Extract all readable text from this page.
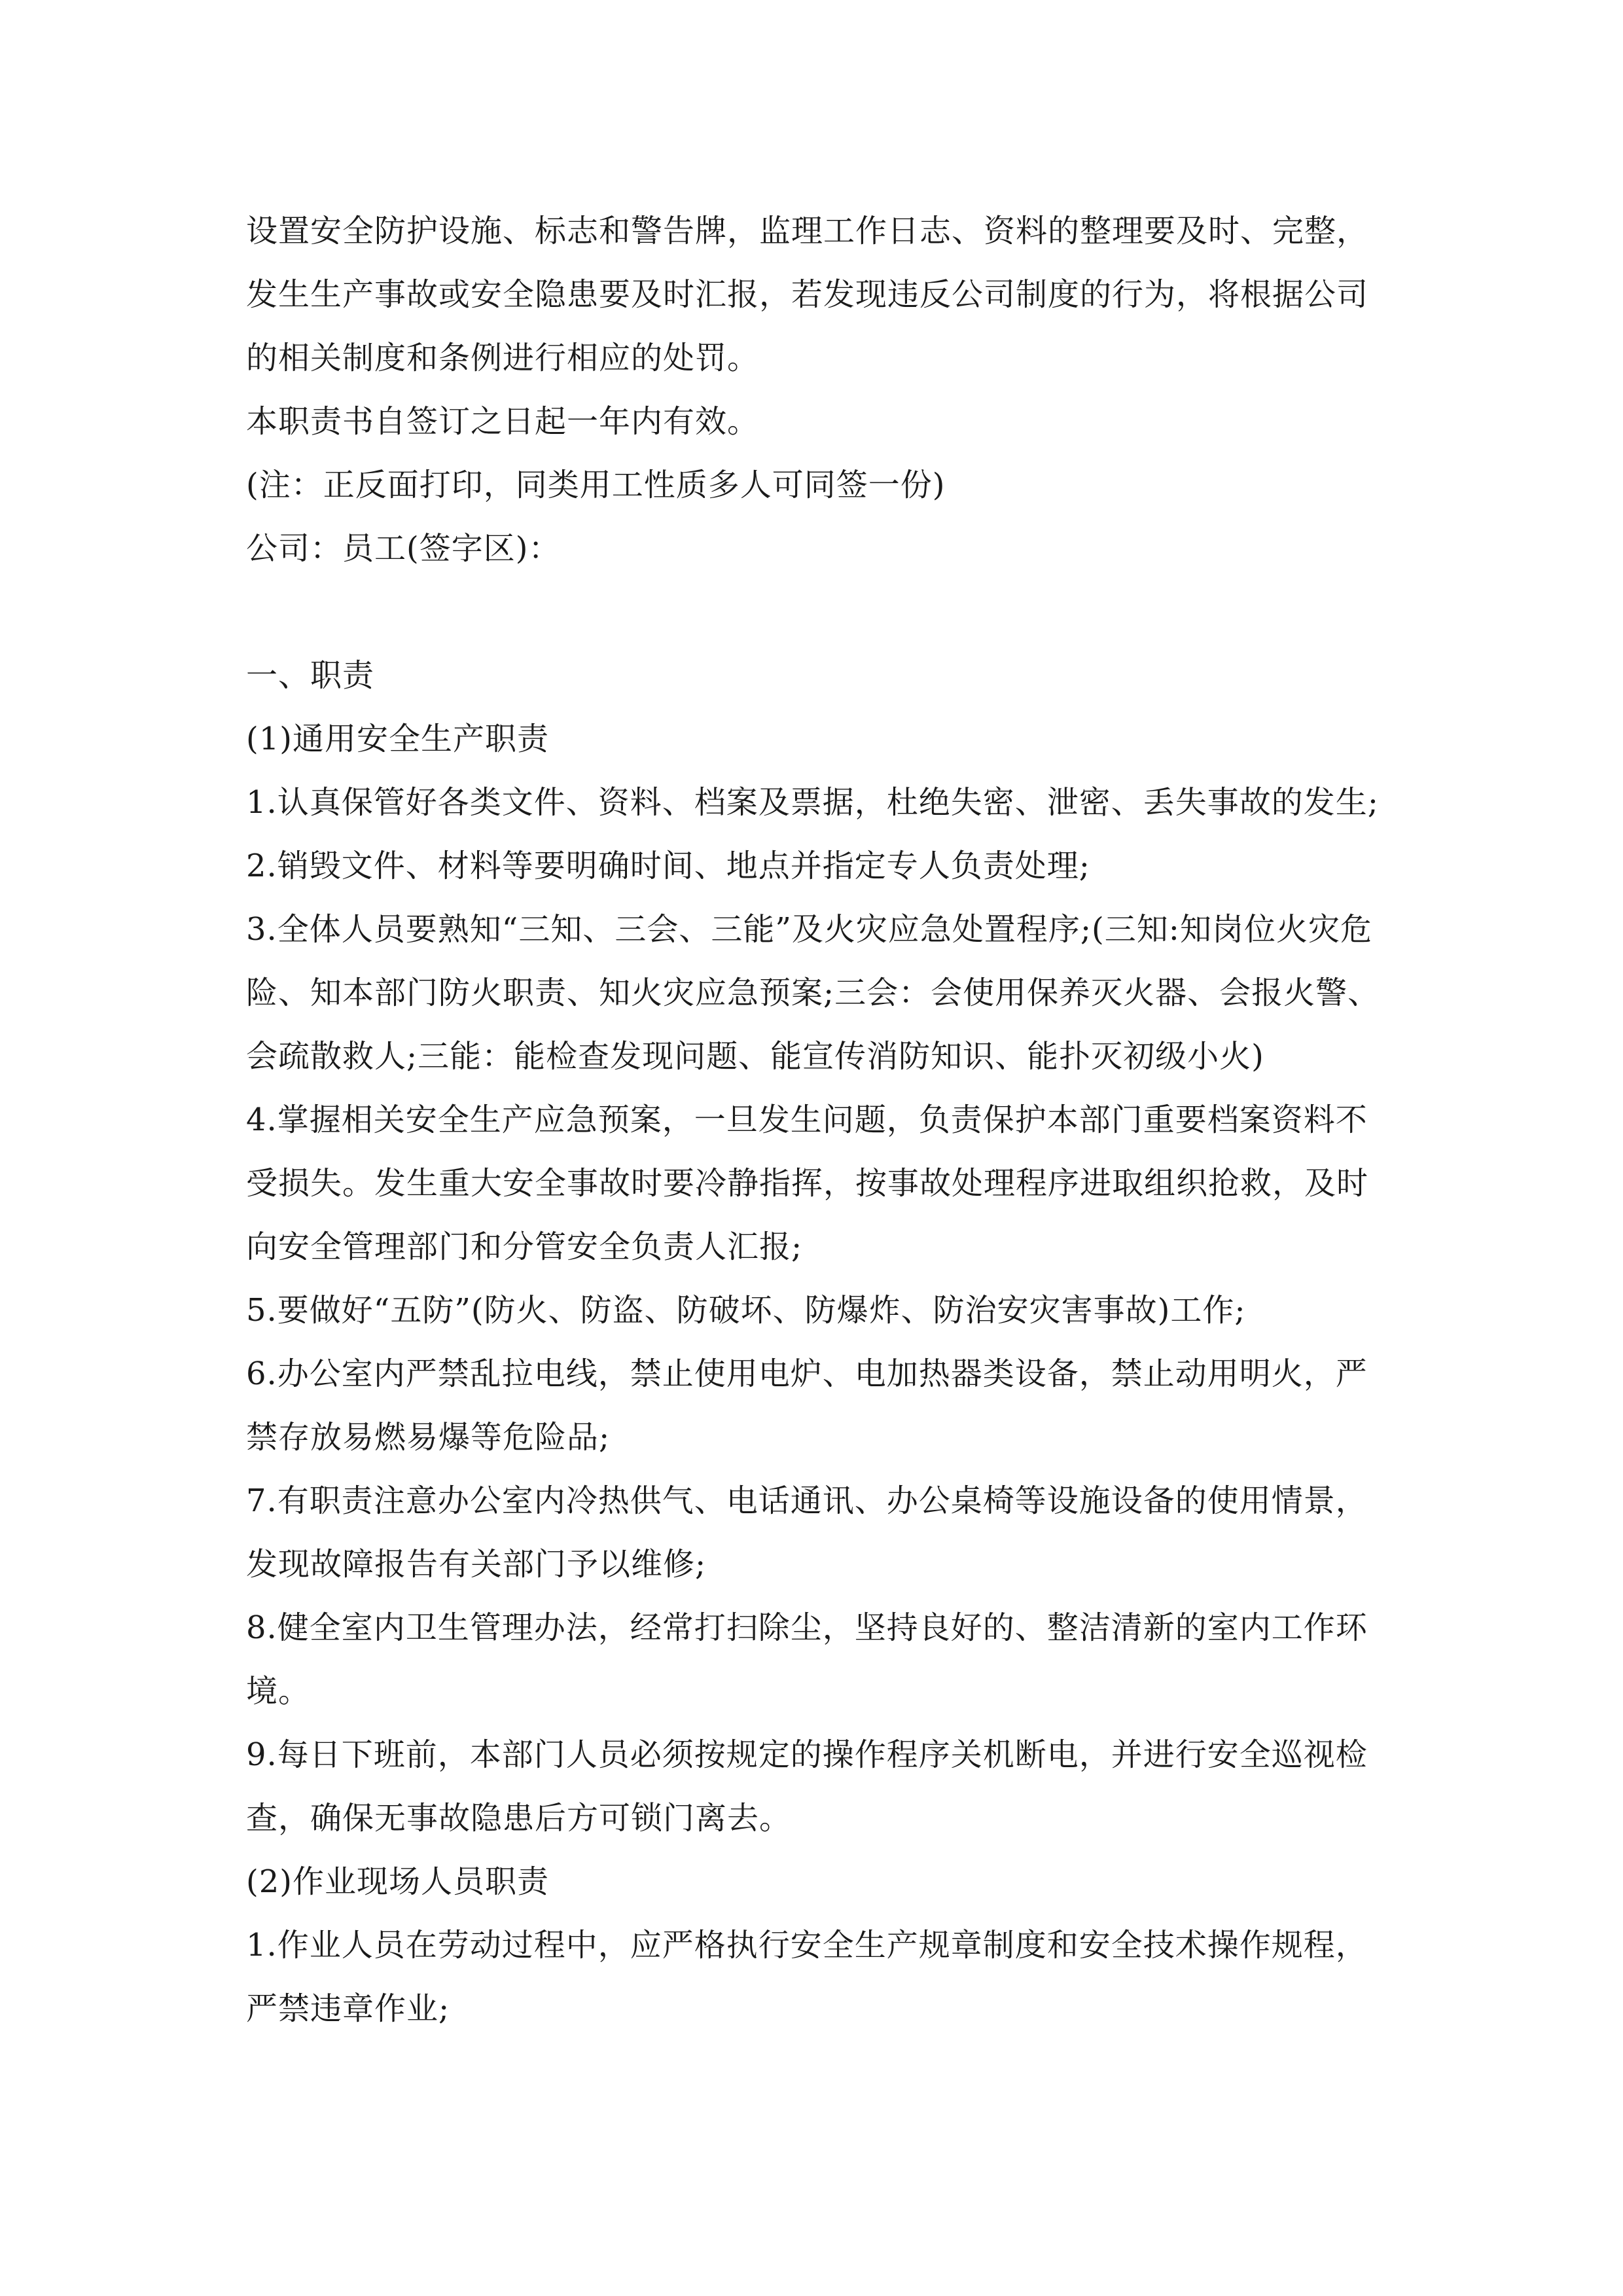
设置安全防护设施、标志和警告牌，监理工作日志、资料的整理要及时、完整，发生生产事故或安全隐患要及时汇报，若发现违反公司制度的行为，将根据公司的相关制度和条例进行相应的处罚。

本职责书自签订之日起一年内有效。

(注：正反面打印，同类用工性质多人可同签一份)

公司：员工(签字区)：

一、职责

(1)通用安全生产职责

1.认真保管好各类文件、资料、档案及票据，杜绝失密、泄密、丢失事故的发生;

2.销毁文件、材料等要明确时间、地点并指定专人负责处理;

3.全体人员要熟知“三知、三会、三能”及火灾应急处置程序;(三知:知岗位火灾危险、知本部门防火职责、知火灾应急预案;三会：会使用保养灭火器、会报火警、会疏散救人;三能：能检查发现问题、能宣传消防知识、能扑灭初级小火)

4.掌握相关安全生产应急预案，一旦发生问题，负责保护本部门重要档案资料不受损失。发生重大安全事故时要冷静指挥，按事故处理程序进取组织抢救，及时向安全管理部门和分管安全负责人汇报;

5.要做好“五防”(防火、防盗、防破坏、防爆炸、防治安灾害事故)工作;

6.办公室内严禁乱拉电线，禁止使用电炉、电加热器类设备，禁止动用明火，严禁存放易燃易爆等危险品;

7.有职责注意办公室内冷热供气、电话通讯、办公桌椅等设施设备的使用情景，发现故障报告有关部门予以维修;

8.健全室内卫生管理办法，经常打扫除尘，坚持良好的、整洁清新的室内工作环境。

9.每日下班前，本部门人员必须按规定的操作程序关机断电，并进行安全巡视检查，确保无事故隐患后方可锁门离去。

(2)作业现场人员职责

1.作业人员在劳动过程中，应严格执行安全生产规章制度和安全技术操作规程，严禁违章作业;
